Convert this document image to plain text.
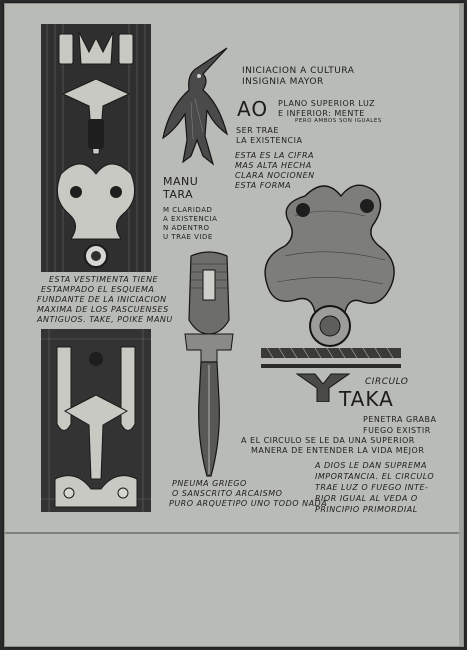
INICIACION A CULTURA

INSIGNIA MAYOR

AO PLANO SUPERIOR LUZ

E INFERIOR: MENTE

PERO AMBOS SON IGUALES

SER TRAE

LA EXISTENCIA

ESTA ES LA CIFRA

MAS ALTA HECHA

CLARA NOCIONEN

ESTA FORMA

MANU

TARA

M CLARIDAD

A EXISTENCIA

N ADENTRO

U TRAE VIDE

ESTA VESTIMENTA TIENE

ESTAMPADO EL ESQUEMA

FUNDANTE DE LA INICIACION

MAXIMA DE LOS PASCUENSES

ANTIGUOS. TAKE, POIKE MANU

CIRCULO

TAKA

PENETRA GRABA

FUEGO EXISTIR

A EL CIRCULO SE LE DA UNA SUPERIOR

MANERA DE ENTENDER LA VIDA MEJOR

A DIOS LE DAN SUPREMA

IMPORTANCIA. EL CIRCULO

TRAE LUZ O FUEGO INTE-

RIOR IGUAL AL VEDA O

PRINCIPIO PRIMORDIAL

PNEUMA GRIEGO

O SANSCRITO ARCAISMO

PURO ARQUETIPO UNO TODO NADA
